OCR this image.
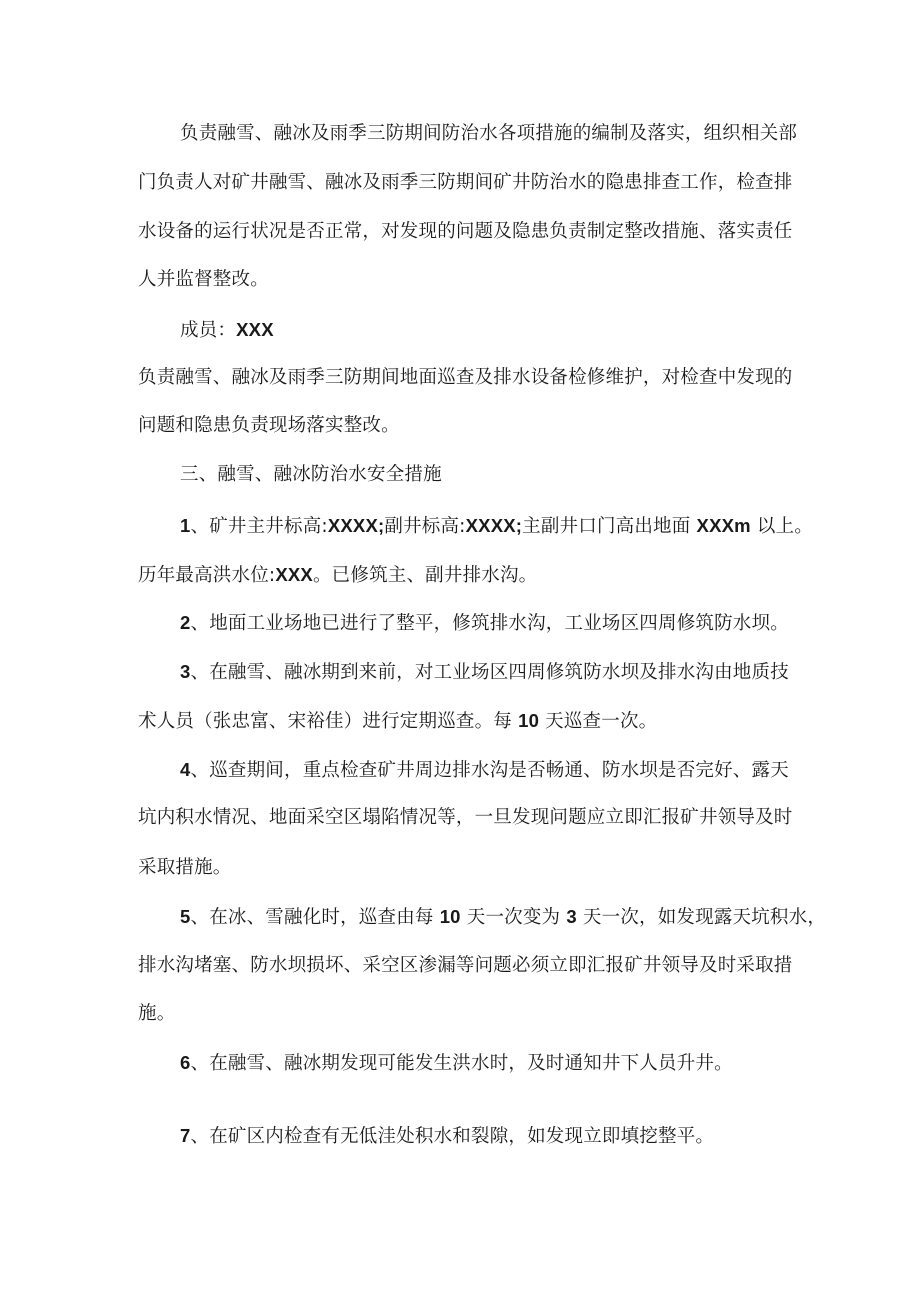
负责融雪、融冰及雨季三防期间防治水各项措施的编制及落实，组织相关部
门负责人对矿井融雪、融冰及雨季三防期间矿井防治水的隐患排查工作，检查排
水设备的运行状况是否正常，对发现的问题及隐患负责制定整改措施、落实责任
人并监督整改。
成员：XXX
负责融雪、融冰及雨季三防期间地面巡查及排水设备检修维护，对检查中发现的
问题和隐患负责现场落实整改。
三、融雪、融冰防治水安全措施
1、矿井主井标高:XXXX;副井标高:XXXX;主副井口门高出地面 XXXm 以上。
历年最高洪水位:XXX。已修筑主、副井排水沟。
2、地面工业场地已进行了整平，修筑排水沟，工业场区四周修筑防水坝。
3、在融雪、融冰期到来前，对工业场区四周修筑防水坝及排水沟由地质技
术人员（张忠富、宋裕佳）进行定期巡查。每 10 天巡查一次。
4、巡查期间，重点检查矿井周边排水沟是否畅通、防水坝是否完好、露天
坑内积水情况、地面采空区塌陷情况等，一旦发现问题应立即汇报矿井领导及时
采取措施。
5、在冰、雪融化时，巡查由每 10 天一次变为 3 天一次，如发现露天坑积水，
排水沟堵塞、防水坝损坏、采空区渗漏等问题必须立即汇报矿井领导及时采取措
施。
6、在融雪、融冰期发现可能发生洪水时，及时通知井下人员升井。
7、在矿区内检查有无低洼处积水和裂隙，如发现立即填挖整平。
